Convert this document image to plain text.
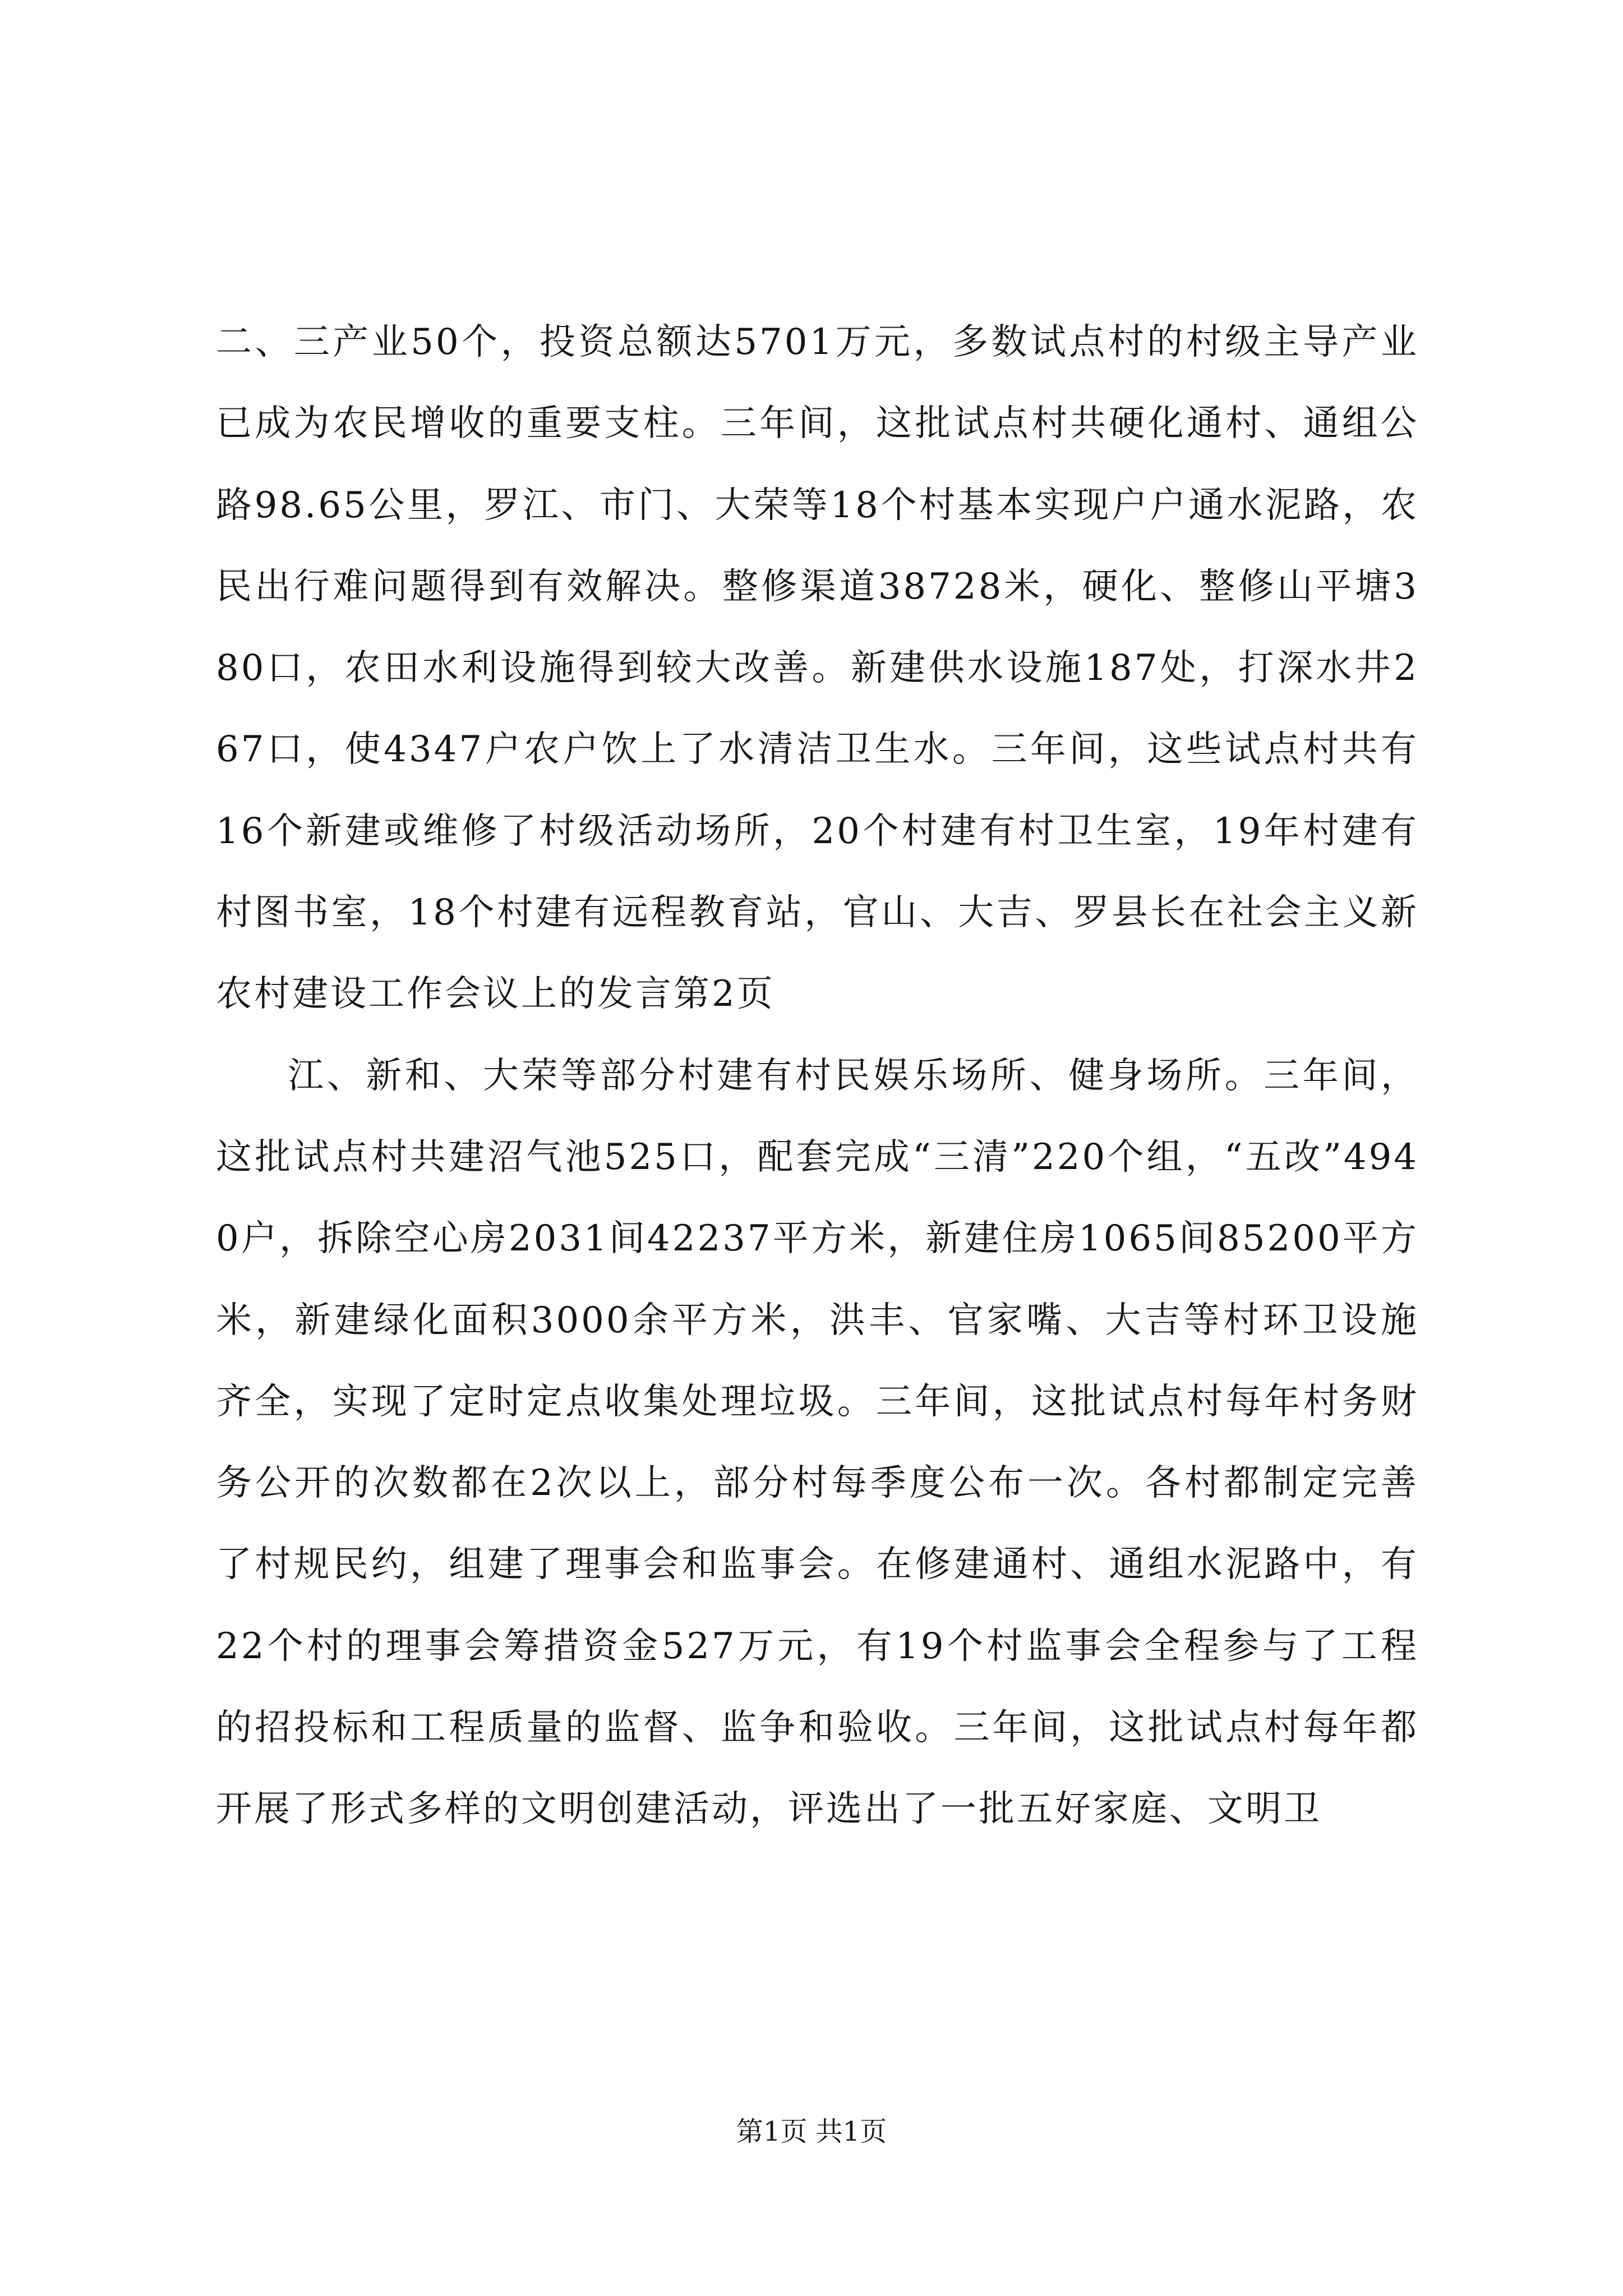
二、三产业50个，投资总额达5701万元，多数试点村的村级主导产业已成为农民增收的重要支柱。三年间，这批试点村共硬化通村、通组公路98.65公里，罗江、市门、大荣等18个村基本实现户户通水泥路，农民出行难问题得到有效解决。整修渠道38728米，硬化、整修山平塘380口，农田水利设施得到较大改善。新建供水设施187处，打深水井267口，使4347户农户饮上了水清洁卫生水。三年间，这些试点村共有16个新建或维修了村级活动场所，20个村建有村卫生室，19年村建有村图书室，18个村建有远程教育站，官山、大吉、罗县长在社会主义新农村建设工作会议上的发言第2页

江、新和、大荣等部分村建有村民娱乐场所、健身场所。三年间，这批试点村共建沼气池525口，配套完成“三清”220个组，“五改”4940户，拆除空心房2031间42237平方米，新建住房1065间85200平方米，新建绿化面积3000余平方米，洪丰、官家嘴、大吉等村环卫设施齐全，实现了定时定点收集处理垃圾。三年间，这批试点村每年村务财务公开的次数都在2次以上，部分村每季度公布一次。各村都制定完善了村规民约，组建了理事会和监事会。在修建通村、通组水泥路中，有22个村的理事会筹措资金527万元，有19个村监事会全程参与了工程的招投标和工程质量的监督、监争和验收。三年间，这批试点村每年都开展了形式多样的文明创建活动，评选出了一批五好家庭、文明卫

第1页 共1页
